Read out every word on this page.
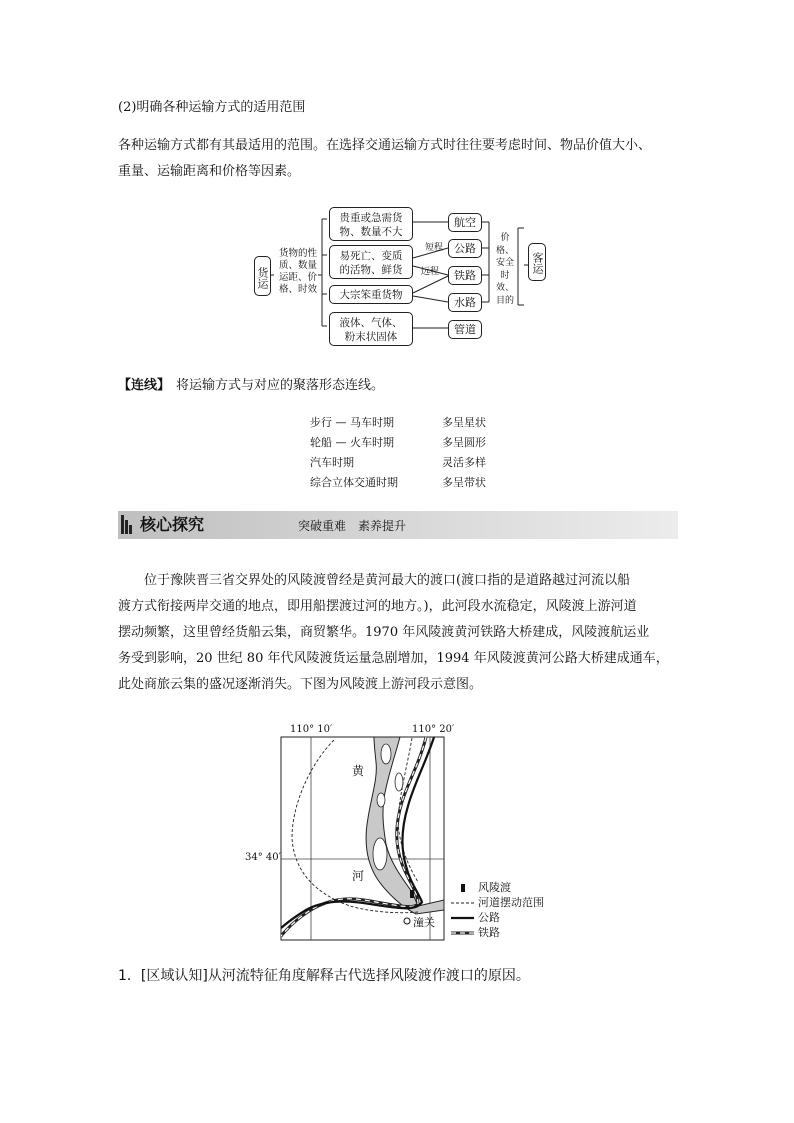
(2)明确各种运输方式的适用范围
各种运输方式都有其最适用的范围。在选择交通运输方式时往往要考虑时间、物品价值大小、
重量、运输距离和价格等因素。
货运
货物的性
质、数量
运距、价
格、时效
贵重或急需货
物、数量不大
易死亡、变质
的活物、鲜货
大宗笨重货物
液体、气体、
粉末状固体
航空
公路
铁路
水路
管道
短程
远程
价格、
安全
时效、
目的
客运
【连线】 将运输方式与对应的聚落形态连线。
步行 — 马车时期
轮船 — 火车时期
汽车时期
综合立体交通时期
多呈星状
多呈圆形
灵活多样
多呈带状
核心探究	突破重难　素养提升
位于豫陕晋三省交界处的风陵渡曾经是黄河最大的渡口(渡口指的是道路越过河流以船
渡方式衔接两岸交通的地点，即用船摆渡过河的地方。)，此河段水流稳定，风陵渡上游河道
摆动频繁，这里曾经货船云集，商贸繁华。1970 年风陵渡黄河铁路大桥建成，风陵渡航运业
务受到影响，20 世纪 80 年代风陵渡货运量急剧增加，1994 年风陵渡黄河公路大桥建成通车，
此处商旅云集的盛况逐渐消失。下图为风陵渡上游河段示意图。
110° 10′	110° 20′
34° 40′
黄
河
潼关
风陵渡
河道摆动范围
公路
铁路
1．[区域认知]从河流特征角度解释古代选择风陵渡作渡口的原因。
